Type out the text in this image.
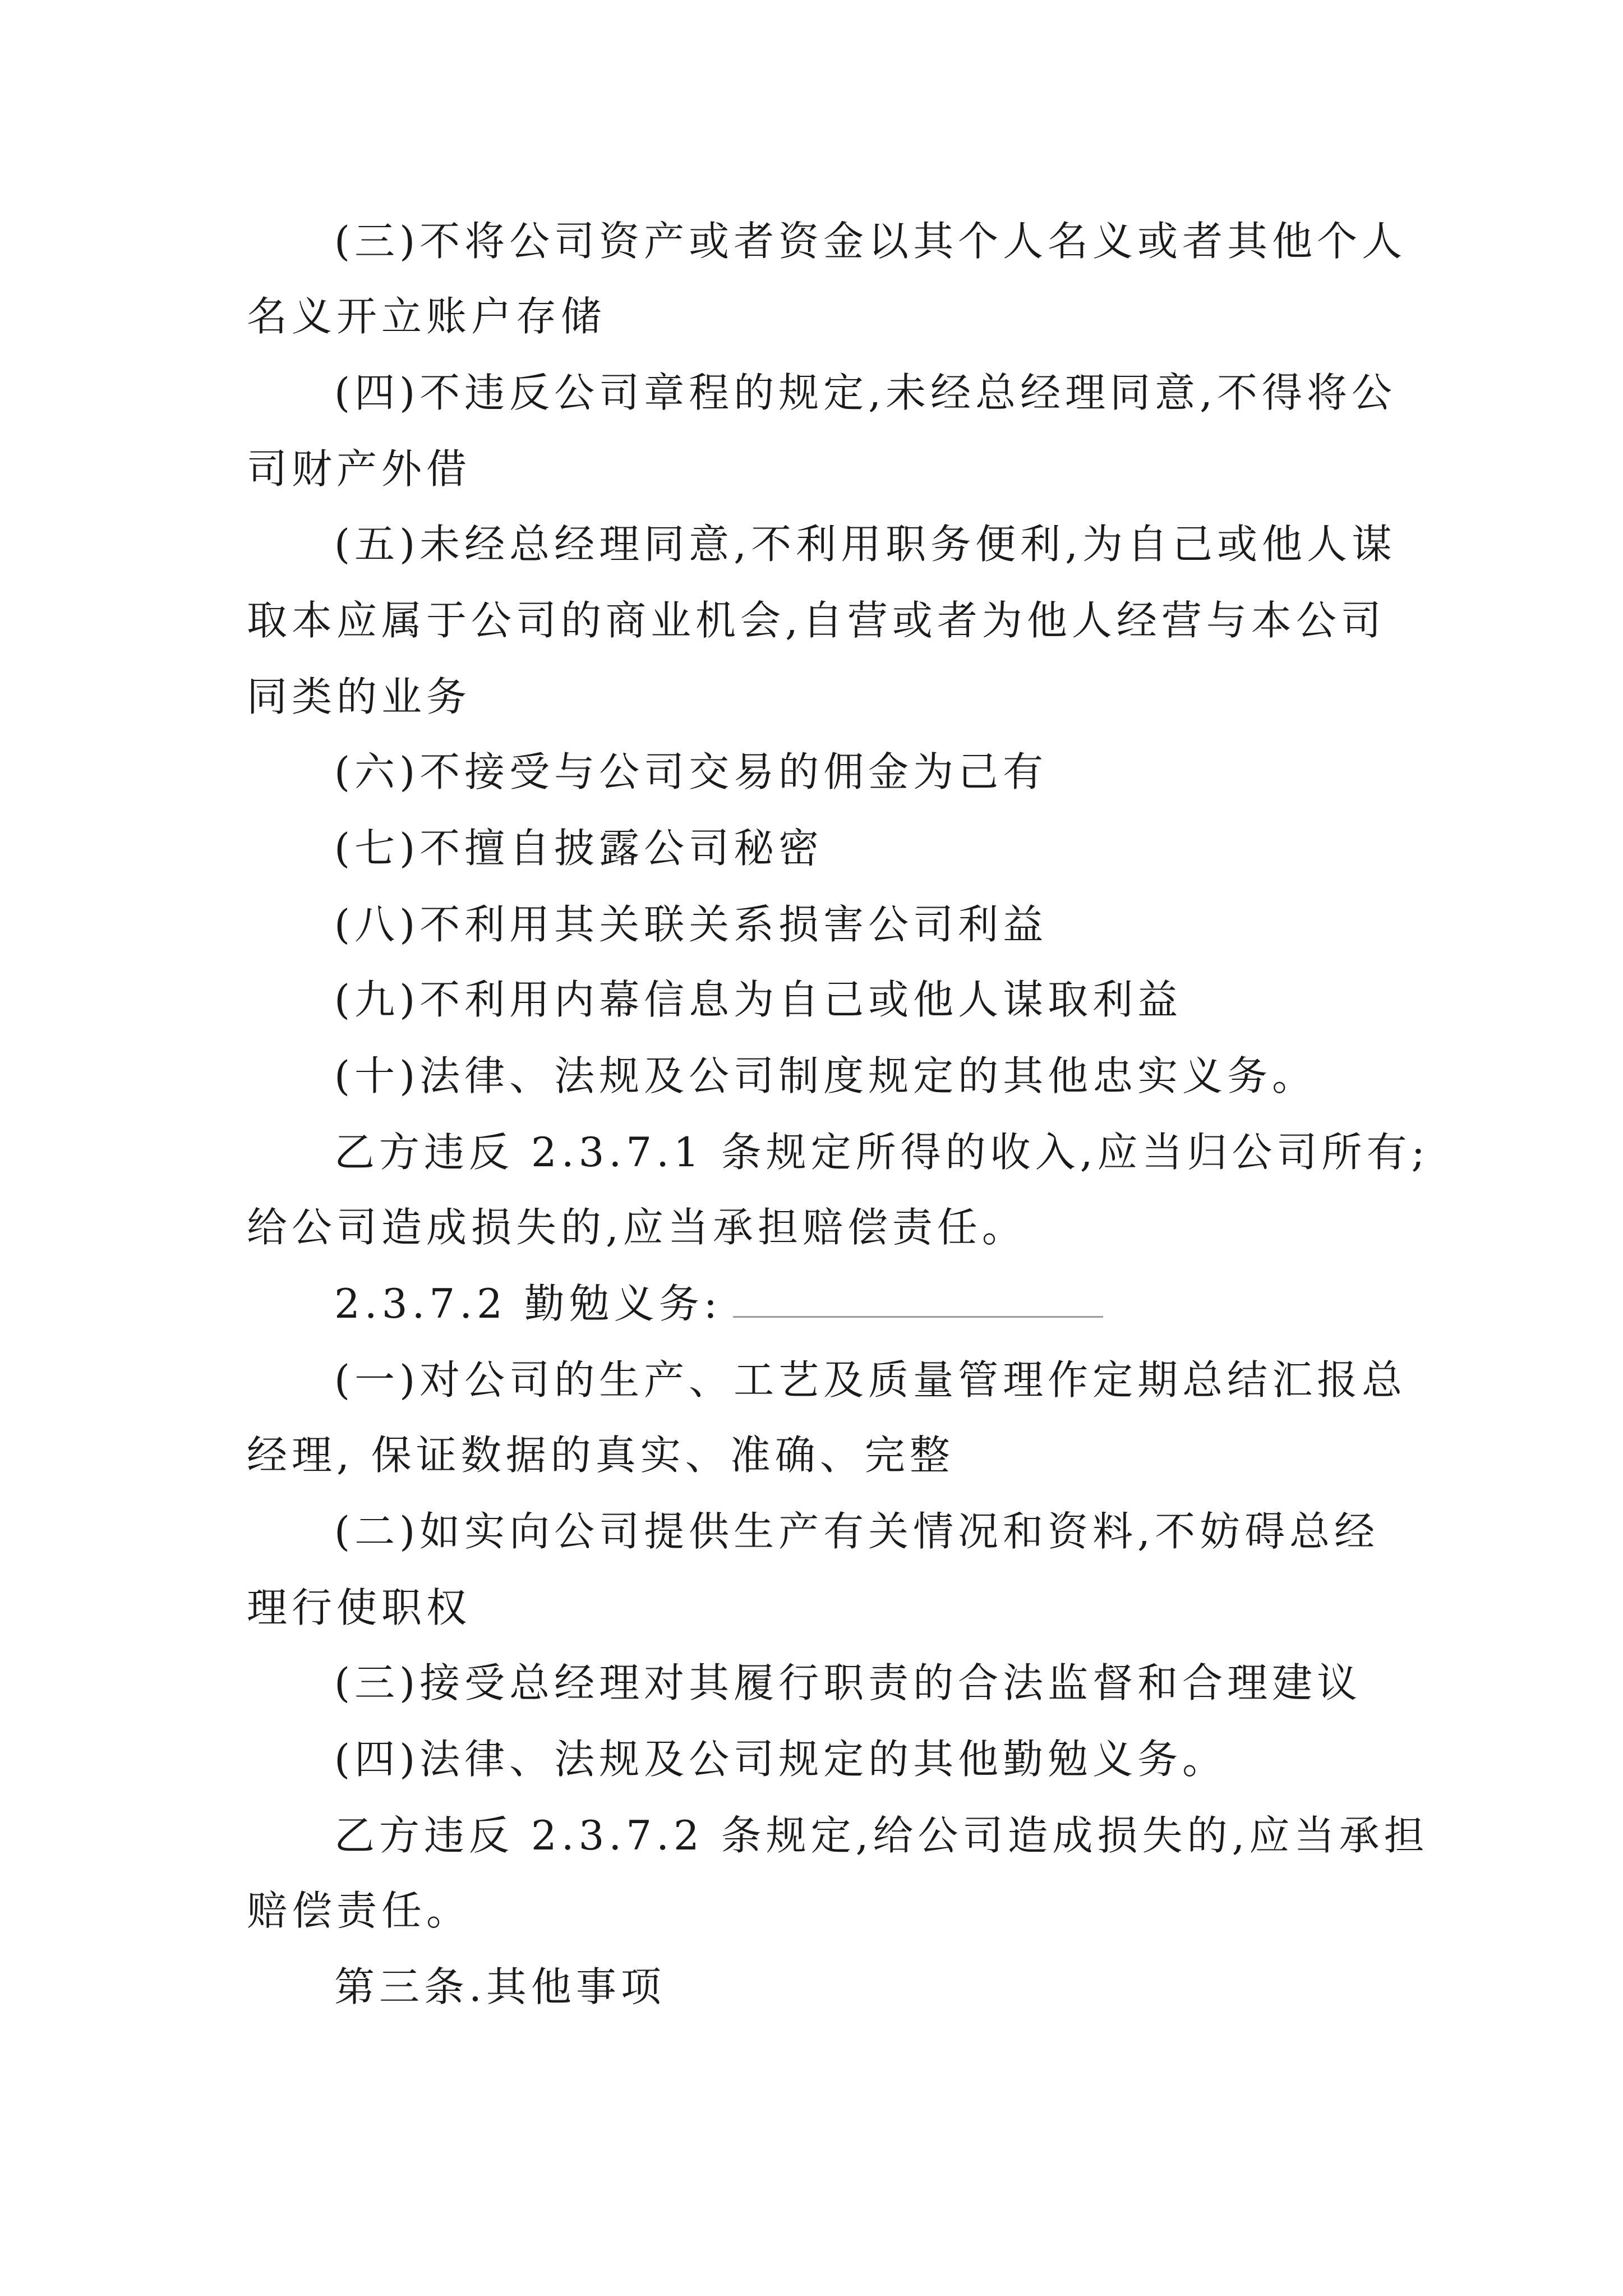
(三)不将公司资产或者资金以其个人名义或者其他个人
名义开立账户存储
(四)不违反公司章程的规定,未经总经理同意,不得将公
司财产外借
(五)未经总经理同意,不利用职务便利,为自己或他人谋
取本应属于公司的商业机会,自营或者为他人经营与本公司
同类的业务
(六)不接受与公司交易的佣金为己有
(七)不擅自披露公司秘密
(八)不利用其关联关系损害公司利益
(九)不利用内幕信息为自己或他人谋取利益
(十)法律、法规及公司制度规定的其他忠实义务。
乙方违反 2.3.7.1 条规定所得的收入,应当归公司所有;
给公司造成损失的,应当承担赔偿责任。
2.3.7.2 勤勉义务:
(一)对公司的生产、工艺及质量管理作定期总结汇报总
经理, 保证数据的真实、准确、完整
(二)如实向公司提供生产有关情况和资料,不妨碍总经
理行使职权
(三)接受总经理对其履行职责的合法监督和合理建议
(四)法律、法规及公司规定的其他勤勉义务。
乙方违反 2.3.7.2 条规定,给公司造成损失的,应当承担
赔偿责任。
第三条.其他事项
